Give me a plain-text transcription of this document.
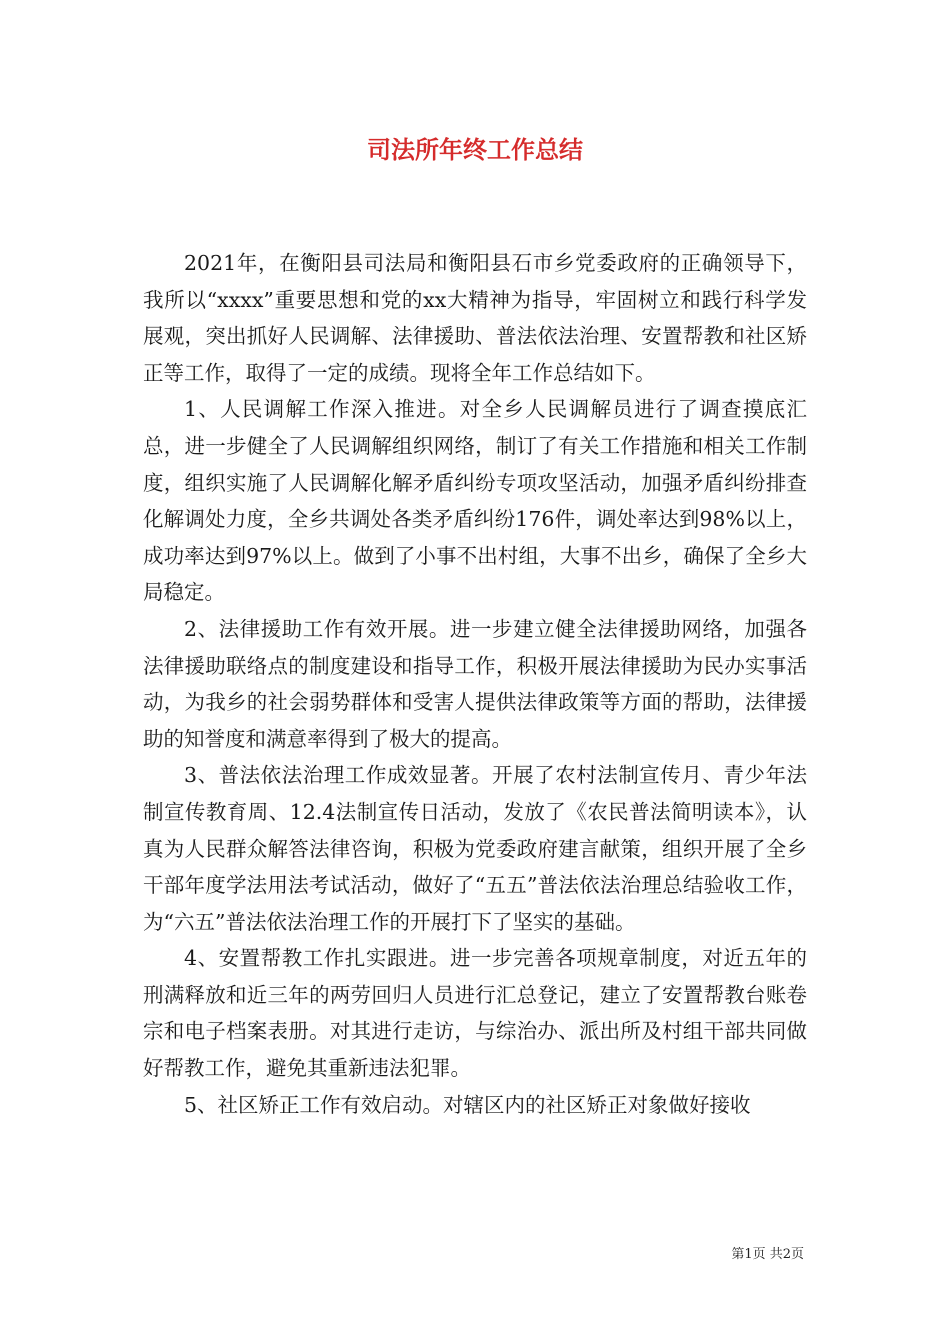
司法所年终工作总结

2021年，在衡阳县司法局和衡阳县石市乡党委政府的正确领导下，我所以“xxxx”重要思想和党的xx大精神为指导，牢固树立和践行科学发展观，突出抓好人民调解、法律援助、普法依法治理、安置帮教和社区矫正等工作，取得了一定的成绩。现将全年工作总结如下。

1、人民调解工作深入推进。对全乡人民调解员进行了调查摸底汇总，进一步健全了人民调解组织网络，制订了有关工作措施和相关工作制度，组织实施了人民调解化解矛盾纠纷专项攻坚活动，加强矛盾纠纷排查化解调处力度，全乡共调处各类矛盾纠纷176件，调处率达到98%以上，成功率达到97%以上。做到了小事不出村组，大事不出乡，确保了全乡大局稳定。

2、法律援助工作有效开展。进一步建立健全法律援助网络，加强各法律援助联络点的制度建设和指导工作，积极开展法律援助为民办实事活动，为我乡的社会弱势群体和受害人提供法律政策等方面的帮助，法律援助的知誉度和满意率得到了极大的提高。

3、普法依法治理工作成效显著。开展了农村法制宣传月、青少年法制宣传教育周、12.4法制宣传日活动，发放了《农民普法简明读本》，认真为人民群众解答法律咨询，积极为党委政府建言献策，组织开展了全乡干部年度学法用法考试活动，做好了“五五”普法依法治理总结验收工作，为“六五”普法依法治理工作的开展打下了坚实的基础。

4、安置帮教工作扎实跟进。进一步完善各项规章制度，对近五年的刑满释放和近三年的两劳回归人员进行汇总登记，建立了安置帮教台账卷宗和电子档案表册。对其进行走访，与综治办、派出所及村组干部共同做好帮教工作，避免其重新违法犯罪。

5、社区矫正工作有效启动。对辖区内的社区矫正对象做好接收

第1页 共2页
